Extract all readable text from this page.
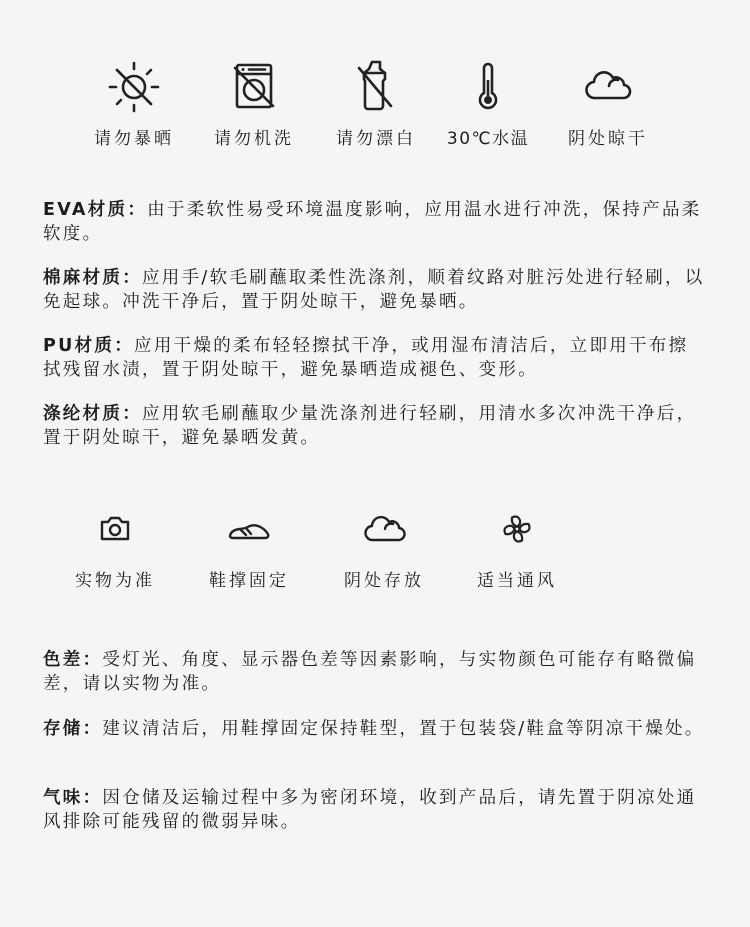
请勿暴晒	请勿机洗	请勿漂白	30℃水温	阴处晾干
EVA材质：由于柔软性易受环境温度影响，应用温水进行冲洗，保持产品柔软度。
棉麻材质：应用手/软毛刷蘸取柔性洗涤剂，顺着纹路对脏污处进行轻刷，以免起球。冲洗干净后，置于阴处晾干，避免暴晒。
PU材质：应用干燥的柔布轻轻擦拭干净，或用湿布清洁后，立即用干布擦拭残留水渍，置于阴处晾干，避免暴晒造成褪色、变形。
涤纶材质：应用软毛刷蘸取少量洗涤剂进行轻刷，用清水多次冲洗干净后，置于阴处晾干，避免暴晒发黄。
实物为准	鞋撑固定	阴处存放	适当通风
色差：受灯光、角度、显示器色差等因素影响，与实物颜色可能存有略微偏差，请以实物为准。
存储：建议清洁后，用鞋撑固定保持鞋型，置于包装袋/鞋盒等阴凉干燥处。
气味：因仓储及运输过程中多为密闭环境，收到产品后，请先置于阴凉处通风排除可能残留的微弱异味。
